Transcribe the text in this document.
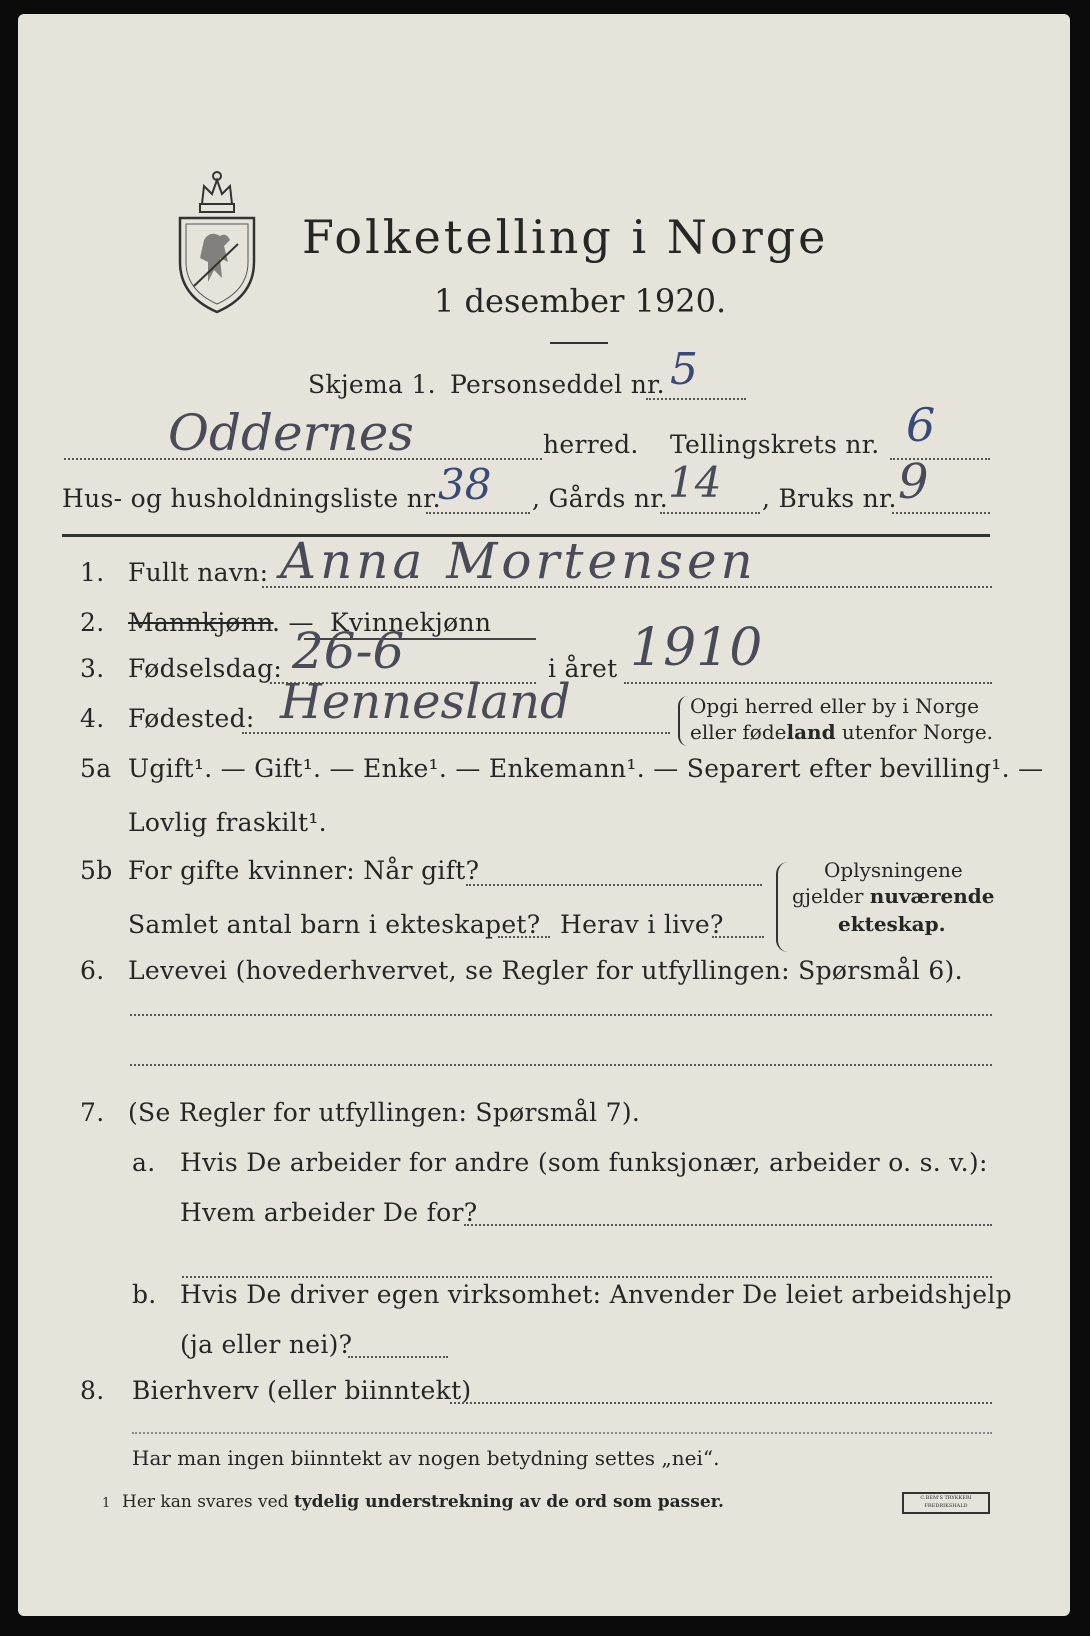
Folketelling i Norge
1 desember 1920.
Skjema 1. Personseddel nr. 5
Oddernes	herred. Tellingskrets nr. 6
Hus- og husholdningsliste nr.
38 , Gårds nr. 14 , Bruks nr. 9
1. Fullt navn: Anna Mortensen
2. Mannkjønn
. — Kvinnekjønn
3. Fødselsdag: 26-6	i året 1910
4. Fødested: Hennesland	Opgi herred eller by i Norge
eller fødeland utenfor Norge.
5a Ugift¹. — Gift¹. — Enke¹. — Enkemann¹. — Separert efter bevilling¹. —
Lovlig fraskilt¹.
5b For gifte kvinner: Når gift?
Samlet antal barn i ekteskapet? Herav i live?
Oplysningene
gjelder nuværende
ekteskap.
6. Levevei (hovederhvervet, se Regler for utfyllingen: Spørsmål 6).
7. (Se Regler for utfyllingen: Spørsmål 7).
a. Hvis De arbeider for andre (som funksjonær, arbeider o. s. v.):
Hvem arbeider De for?
b. Hvis De driver egen virksomhet: Anvender De leiet arbeidshjelp
(ja eller nei)?
8. Bierhverv (eller biinntekt)
Har man ingen biinntekt av nogen betydning settes „nei“.
1 Her kan svares ved tydelig understrekning av de ord som passer.	C.BEM'S TRYKKERI FREDRIKSHALD
